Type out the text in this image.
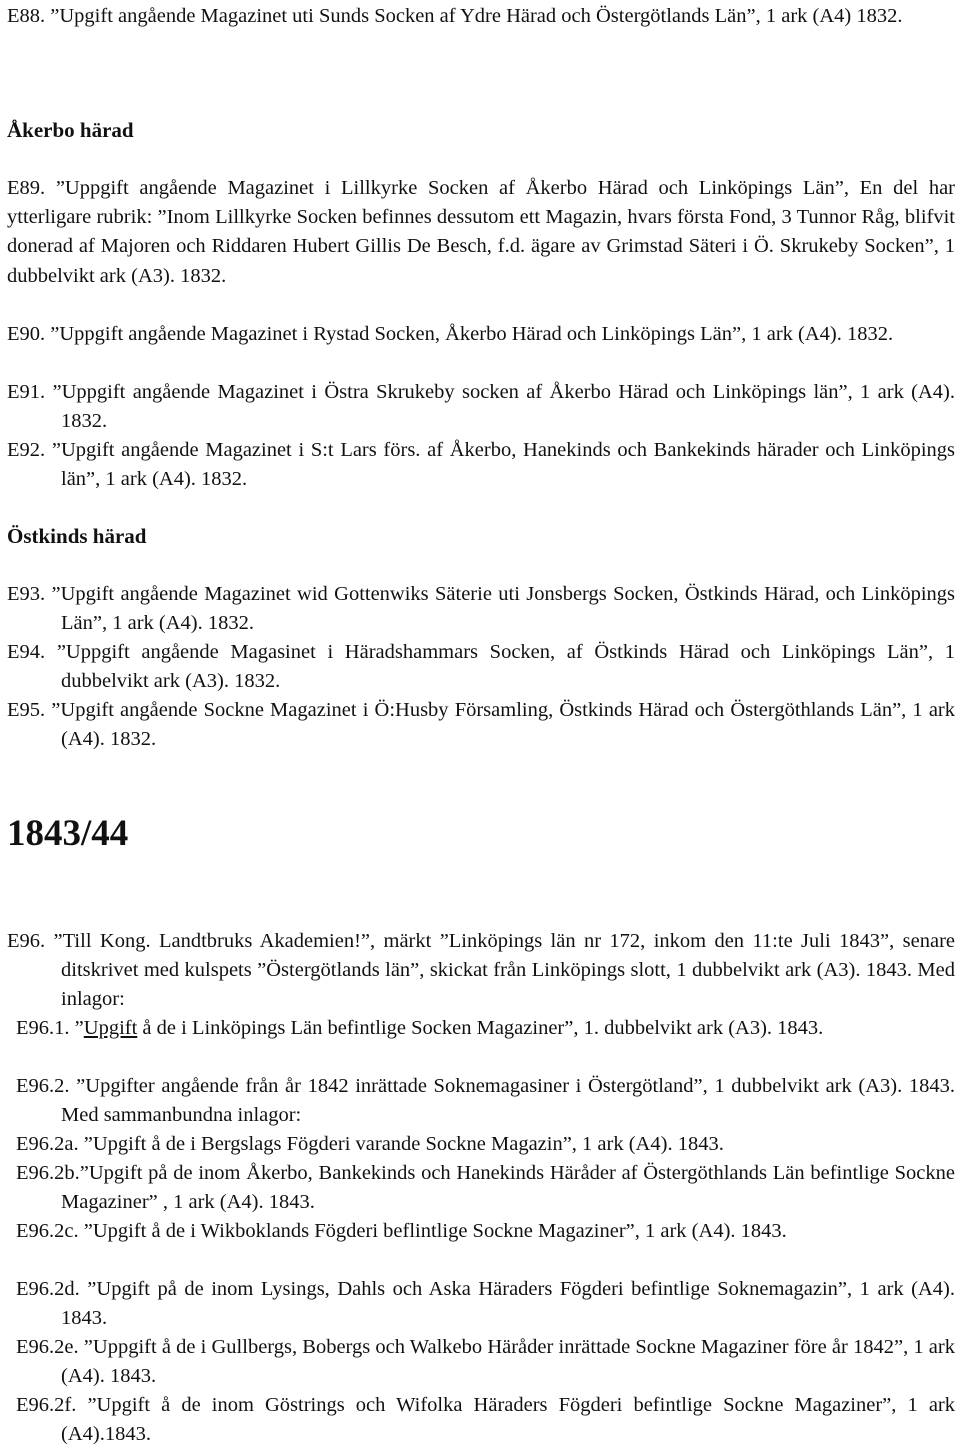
E88. ”Upgift angående Magazinet uti Sunds Socken af Ydre Härad och Östergötlands Län”, 1 ark (A4) 1832.

Åkerbo härad

E89. ”Uppgift angående Magazinet i Lillkyrke Socken af Åkerbo Härad och Linköpings Län”, En del har ytterligare rubrik: ”Inom Lillkyrke Socken befinnes dessutom ett Magazin, hvars första Fond, 3 Tunnor Råg, blifvit donerad af Majoren och Riddaren Hubert Gillis De Besch, f.d. ägare av Grimstad Säteri i Ö. Skrukeby Socken”, 1 dubbelvikt ark (A3). 1832.

E90. ”Uppgift angående Magazinet i Rystad Socken, Åkerbo Härad och Linköpings Län”, 1 ark (A4). 1832.

E91. ”Uppgift angående Magazinet i Östra Skrukeby socken af Åkerbo Härad och Linköpings län”, 1 ark (A4). 1832.

E92. ”Upgift angående Magazinet i S:t Lars förs. af Åkerbo, Hanekinds och Bankekinds härader och Linköpings län”, 1 ark (A4). 1832.

Östkinds härad

E93. ”Upgift angående Magazinet wid Gottenwiks Säterie uti Jonsbergs Socken, Östkinds Härad, och Linköpings Län”, 1 ark (A4). 1832.

E94. ”Uppgift angående Magasinet i Häradshammars Socken, af Östkinds Härad och Linköpings Län”, 1 dubbelvikt ark (A3). 1832.

E95. ”Upgift angående Sockne Magazinet i Ö:Husby Församling, Östkinds Härad och Östergöthlands Län”, 1 ark (A4). 1832.

1843/44

E96. ”Till Kong. Landtbruks Akademien!”, märkt ”Linköpings län nr 172, inkom den 11:te Juli 1843”, senare ditskrivet med kulspets ”Östergötlands län”, skickat från Linköpings slott, 1 dubbelvikt ark (A3). 1843. Med inlagor:

E96.1. ”Upgift å de i Linköpings Län befintlige Socken Magaziner”, 1. dubbelvikt ark (A3). 1843.

E96.2. ”Upgifter angående från år 1842 inrättade Soknemagasiner i Östergötland”, 1 dubbelvikt ark (A3). 1843. Med sammanbundna inlagor:

E96.2a. ”Upgift å de i Bergslags Fögderi varande Sockne Magazin”, 1 ark (A4). 1843.

E96.2b.”Upgift på de inom Åkerbo, Bankekinds och Hanekinds Häråder af Östergöthlands Län befintlige Sockne Magaziner” , 1 ark (A4). 1843.

E96.2c. ”Upgift å de i Wikboklands Fögderi beflintlige Sockne Magaziner”, 1 ark (A4). 1843.

E96.2d. ”Upgift på de inom Lysings, Dahls och Aska Häraders Fögderi befintlige Soknemagazin”, 1 ark (A4). 1843.

E96.2e. ”Uppgift å de i Gullbergs, Bobergs och Walkebo Häråder inrättade Sockne Magaziner före år 1842”, 1 ark (A4). 1843.

E96.2f. ”Upgift å de inom Göstrings och Wifolka Häraders Fögderi befintlige Sockne Magaziner”, 1 ark (A4).1843.
